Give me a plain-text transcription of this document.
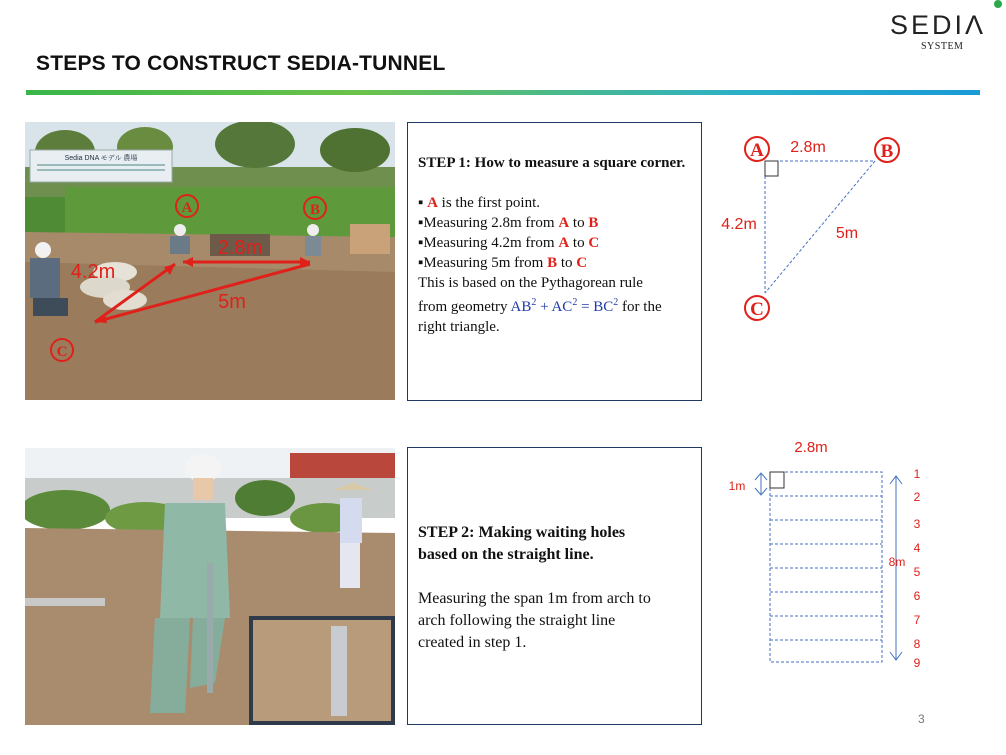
STEPS TO CONSTRUCT SEDIA-TUNNEL
SEDIΛ
SYSTEM
Sedia DNA モデル 農場
A	B
C
2.8m
4.2m
5m
STEP 1: How to measure a square corner.
▪ A is the first point.
▪Measuring 2.8m from A to B
▪Measuring 4.2m from A to C
▪Measuring 5m from B to C
This is based on the Pythagorean rule
from geometry $AB^2 + AC^2 = BC^2$ for the
right triangle.
A	B
C
2.8m
4.2m
5m
STEP 2: Making waiting holes
based on the straight line.
Measuring the span 1m from arch to
arch following the straight line
created in step 1.
2.8m
1m
8m
1
2
3
4
5
6
7
8
9
3
